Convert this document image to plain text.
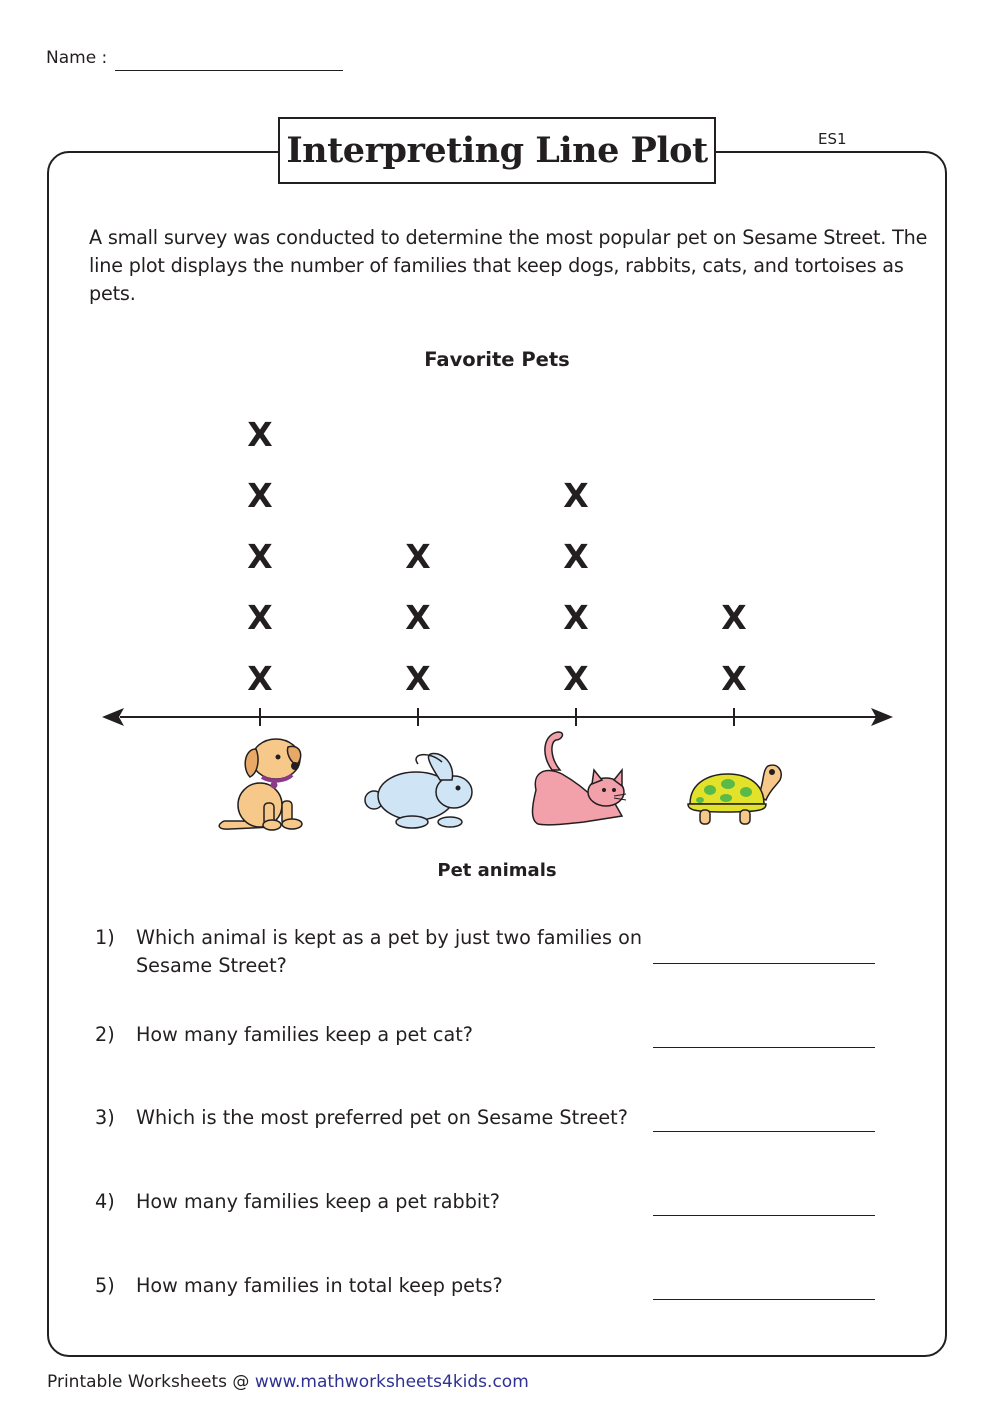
Name :
Interpreting Line Plot	ES1
A small survey was conducted to determine the most popular pet on Sesame Street. The line plot displays the number of families that keep dogs, rabbits, cats, and tortoises as pets.
Favorite Pets
X
X
X
X
X
X
X
X
X
X
X
X
X
X
Pet animals
1) Which animal is kept as a pet by just two families on Sesame Street?
2) How many families keep a pet cat?
3) Which is the most preferred pet on Sesame Street?
4) How many families keep a pet rabbit?
5) How many families in total keep pets?
Printable Worksheets @ www.mathworksheets4kids.com
